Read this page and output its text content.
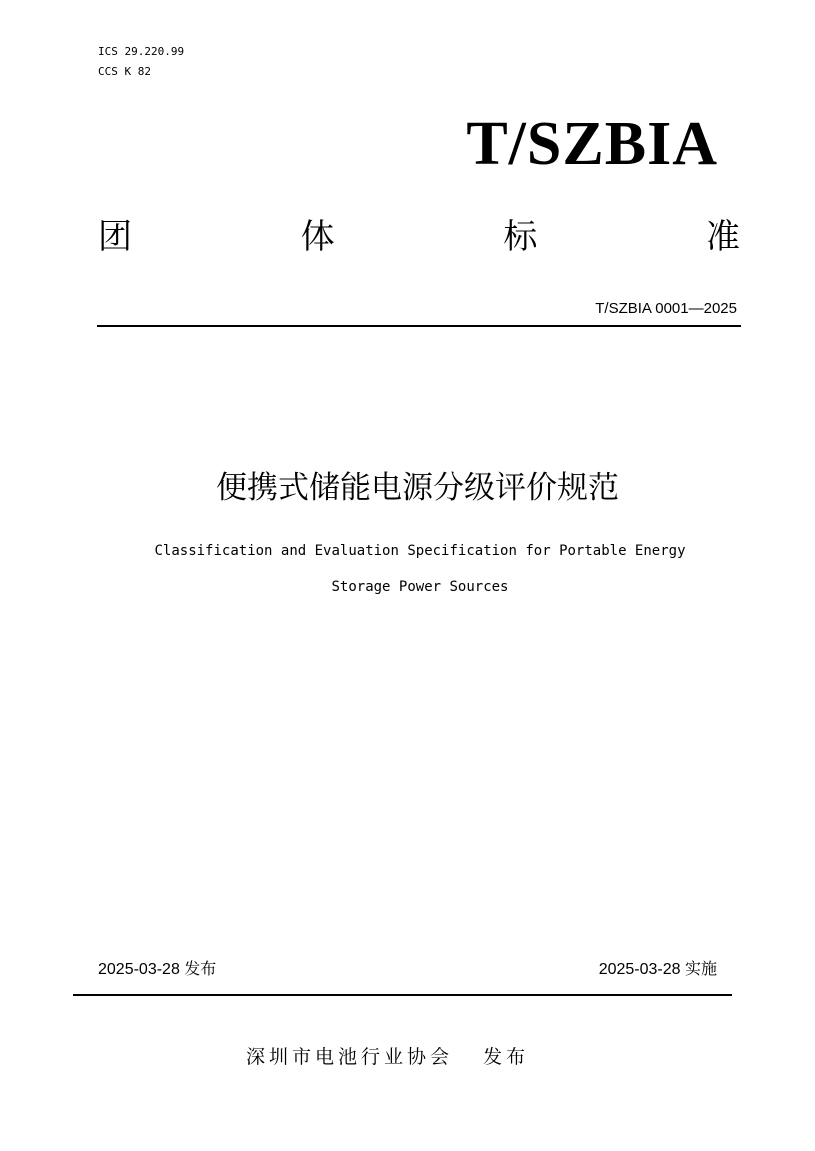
ICS 29.220.99
CCS K 82
T/SZBIA
团	体	标	准
T/SZBIA 0001—2025
便携式储能电源分级评价规范
Classification and Evaluation Specification for Portable Energy
Storage Power Sources
2025-03-28 发布	2025-03-28 实施
深圳市电池行业协会 发布
